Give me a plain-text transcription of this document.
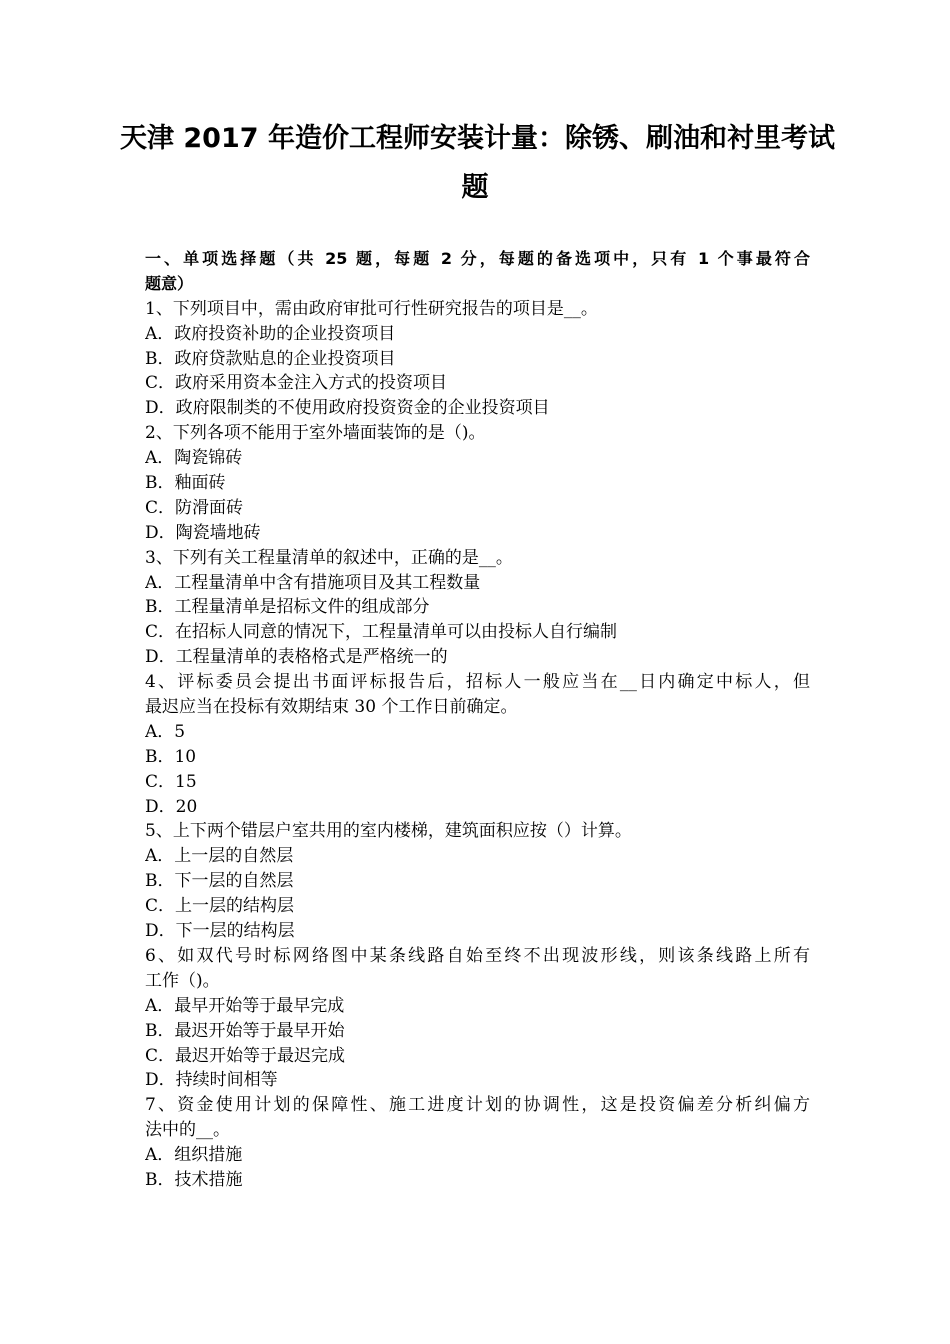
天津 2017 年造价工程师安装计量：除锈、刷油和衬里考试
题
一、单项选择题（共 25 题，每题 2 分，每题的备选项中，只有 1 个事最符合
题意）
1、下列项目中，需由政府审批可行性研究报告的项目是__。
A．政府投资补助的企业投资项目
B．政府贷款贴息的企业投资项目
C．政府采用资本金注入方式的投资项目
D．政府限制类的不使用政府投资资金的企业投资项目
2、下列各项不能用于室外墙面装饰的是（)。
A．陶瓷锦砖
B．釉面砖
C．防滑面砖
D．陶瓷墙地砖
3、下列有关工程量清单的叙述中，正确的是__。
A．工程量清单中含有措施项目及其工程数量
B．工程量清单是招标文件的组成部分
C．在招标人同意的情况下，工程量清单可以由投标人自行编制
D．工程量清单的表格格式是严格统一的
4、评标委员会提出书面评标报告后，招标人一般应当在__日内确定中标人，但
最迟应当在投标有效期结束 30 个工作日前确定。
A．5
B．10
C．15
D．20
5、上下两个错层户室共用的室内楼梯，建筑面积应按（）计算。
A．上一层的自然层
B．下一层的自然层
C．上一层的结构层
D．下一层的结构层
6、如双代号时标网络图中某条线路自始至终不出现波形线，则该条线路上所有
工作（)。
A．最早开始等于最早完成
B．最迟开始等于最早开始
C．最迟开始等于最迟完成
D．持续时间相等
7、资金使用计划的保障性、施工进度计划的协调性，这是投资偏差分析纠偏方
法中的__。
A．组织措施
B．技术措施
